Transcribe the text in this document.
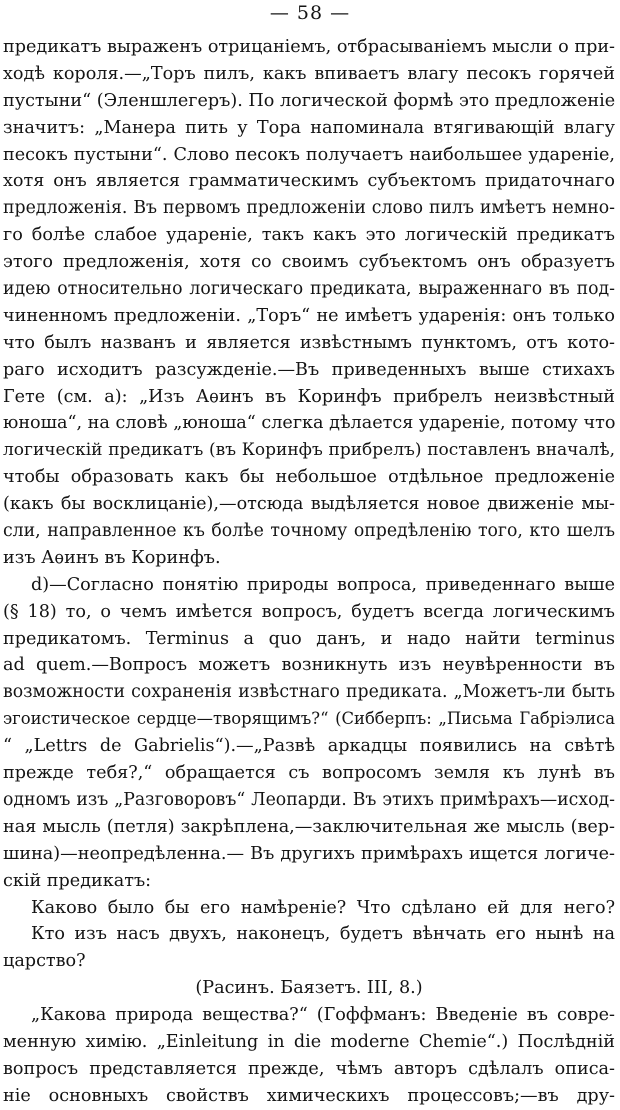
— 58 —
предикатъ выраженъ отрицаніемъ, отбрасываніемъ мысли о при-
ходѣ короля.—„Торъ пилъ, какъ впиваетъ влагу песокъ горячей
пустыни“ (Эленшлегеръ). По логической формѣ это предложеніе
значитъ: „Манера пить у Тора напоминала втягивающій влагу
песокъ пустыни“. Слово песокъ получаетъ наибольшее удареніе,
хотя онъ является грамматическимъ субъектомъ придаточнаго
предложенія. Въ первомъ предложеніи слово пилъ имѣетъ немно-
го болѣе слабое удареніе, такъ какъ это логическій предикатъ
этого предложенія, хотя со своимъ субъектомъ онъ образуетъ
идею относительно логическаго предиката, выраженнаго въ под-
чиненномъ предложеніи. „Торъ“ не имѣетъ ударенія: онъ только
что былъ названъ и является извѣстнымъ пунктомъ, отъ кото-
раго исходитъ разсужденіе.—Въ приведенныхъ выше стихахъ
Гете (см. а): „Изъ Аѳинъ въ Коринфъ прибрелъ неизвѣстный
юноша“, на словѣ „юноша“ слегка дѣлается удареніе, потому что
логическій предикатъ (въ Коринфъ прибрелъ) поставленъ вначалѣ,
чтобы образовать какъ бы небольшое отдѣльное предложеніе
(какъ бы восклицаніе),—отсюда выдѣляется новое движеніе мы-
сли, направленное къ болѣе точному опредѣленію того, кто шелъ
изъ Аѳинъ въ Коринфъ.
d)—Согласно понятію природы вопроса, приведеннаго выше
(§ 18) то, о чемъ имѣется вопросъ, будетъ всегда логическимъ
предикатомъ. Terminus a quo данъ, и надо найти terminus
ad quem.—Вопросъ можетъ возникнуть изъ неувѣренности въ
возможности сохраненія извѣстнаго предиката. „Можетъ-ли быть
эгоистическое сердце—творящимъ?“ (Сибберпъ: „Письма Габріэлиса
“ „Lettrs de Gabrielis“).—„Развѣ аркадцы появились на свѣтѣ
прежде тебя?,“ обращается съ вопросомъ земля къ лунѣ въ
одномъ изъ „Разговоровъ“ Леопарди. Въ этихъ примѣрахъ—исход-
ная мысль (петля) закрѣплена,—заключительная же мысль (вер-
шина)—неопредѣленна.— Въ другихъ примѣрахъ ищется логиче-
скій предикатъ:
Каково было бы его намѣреніе? Что сдѣлано ей для него?
Кто изъ насъ двухъ, наконецъ, будетъ вѣнчать его нынѣ на
царство?
(Расинъ. Баязетъ. III, 8.)
„Какова природа вещества?“ (Гоффманъ: Введеніе въ совре-
менную химію. „Einleitung in die moderne Chemie“.) Послѣдній
вопросъ представляется прежде, чѣмъ авторъ сдѣлалъ описа-
ніе основныхъ свойствъ химическихъ процессовъ;—въ дру-
